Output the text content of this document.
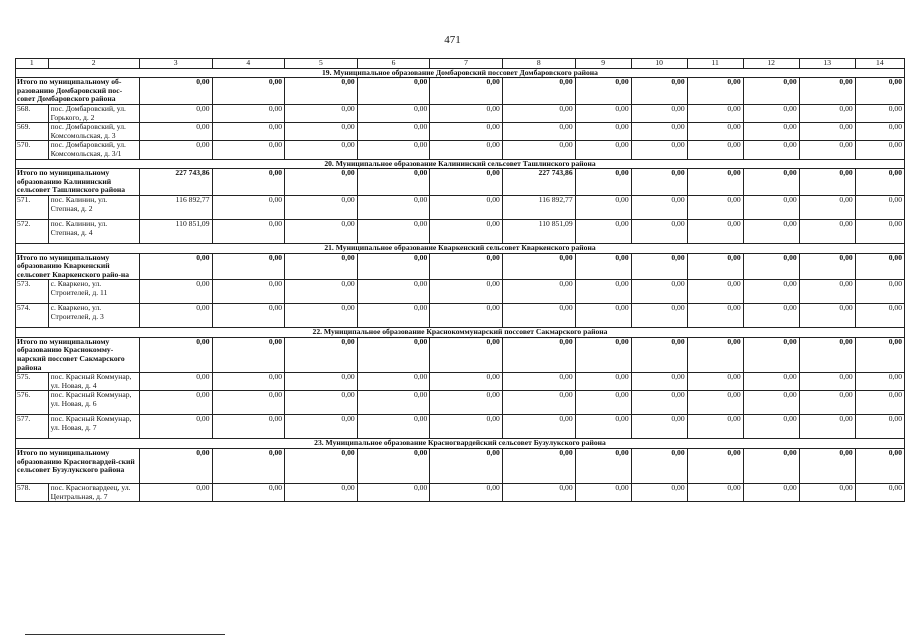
471
1	2	3	4	5	6	7	8	9	10	11	12	13	14
19. Муниципальное образование Домбаровский поссовет Домбаровского района													
Итого по муниципальному об-разованию Домбаровский пос-совет Домбаровского района		0,00	0,00	0,00	0,00	0,00	0,00	0,00	0,00	0,00	0,00	0,00	0,00
568.	пос. Домбаровский, ул. Горького, д. 2	0,00	0,00	0,00	0,00	0,00	0,00	0,00	0,00	0,00	0,00	0,00	0,00
569.	пос. Домбаровский, ул. Комсомольская, д. 3	0,00	0,00	0,00	0,00	0,00	0,00	0,00	0,00	0,00	0,00	0,00	0,00
570.	пос. Домбаровский, ул. Комсомольская, д. 3/1	0,00	0,00	0,00	0,00	0,00	0,00	0,00	0,00	0,00	0,00	0,00	0,00
20. Муниципальное образование Калининский сельсовет Ташлинского района													
Итого по муниципальному образованию Калининский сельсовет Ташлинского района		227 743,86	0,00	0,00	0,00	0,00	227 743,86	0,00	0,00	0,00	0,00	0,00	0,00
571.	пос. Калинин, ул. Степная, д. 2	116 892,77	0,00	0,00	0,00	0,00	116 892,77	0,00	0,00	0,00	0,00	0,00	0,00
572.	пос. Калинин, ул. Степная, д. 4	110 851,09	0,00	0,00	0,00	0,00	110 851,09	0,00	0,00	0,00	0,00	0,00	0,00
21. Муниципальное образование Кваркенский сельсовет Кваркенского района													
Итого по муниципальному образованию Кваркенский сельсовет Кваркенского райо-на		0,00	0,00	0,00	0,00	0,00	0,00	0,00	0,00	0,00	0,00	0,00	0,00
573.	с. Кваркено, ул. Строителей, д. 11	0,00	0,00	0,00	0,00	0,00	0,00	0,00	0,00	0,00	0,00	0,00	0,00
574.	с. Кваркено, ул. Строителей, д. 3	0,00	0,00	0,00	0,00	0,00	0,00	0,00	0,00	0,00	0,00	0,00	0,00
22. Муниципальное образование Краснокоммунарский поссовет Сакмарского района													
Итого по муниципальному образованию Краснокомму-нарский поссовет Сакмарского района		0,00	0,00	0,00	0,00	0,00	0,00	0,00	0,00	0,00	0,00	0,00	0,00
575.	пос. Красный Коммунар, ул. Новая, д. 4	0,00	0,00	0,00	0,00	0,00	0,00	0,00	0,00	0,00	0,00	0,00	0,00
576.	пос. Красный Коммунар, ул. Новая, д. 6	0,00	0,00	0,00	0,00	0,00	0,00	0,00	0,00	0,00	0,00	0,00	0,00
577.	пос. Красный Коммунар, ул. Новая, д. 7	0,00	0,00	0,00	0,00	0,00	0,00	0,00	0,00	0,00	0,00	0,00	0,00
23. Муниципальное образование Красногвардейский сельсовет Бузулукского района													
Итого по муниципальному образованию Красногвардей-ский сельсовет Бузулукского района		0,00	0,00	0,00	0,00	0,00	0,00	0,00	0,00	0,00	0,00	0,00	0,00
578.	пос. Красногвардеец, ул. Центральная, д. 7	0,00	0,00	0,00	0,00	0,00	0,00	0,00	0,00	0,00	0,00	0,00	0,00
